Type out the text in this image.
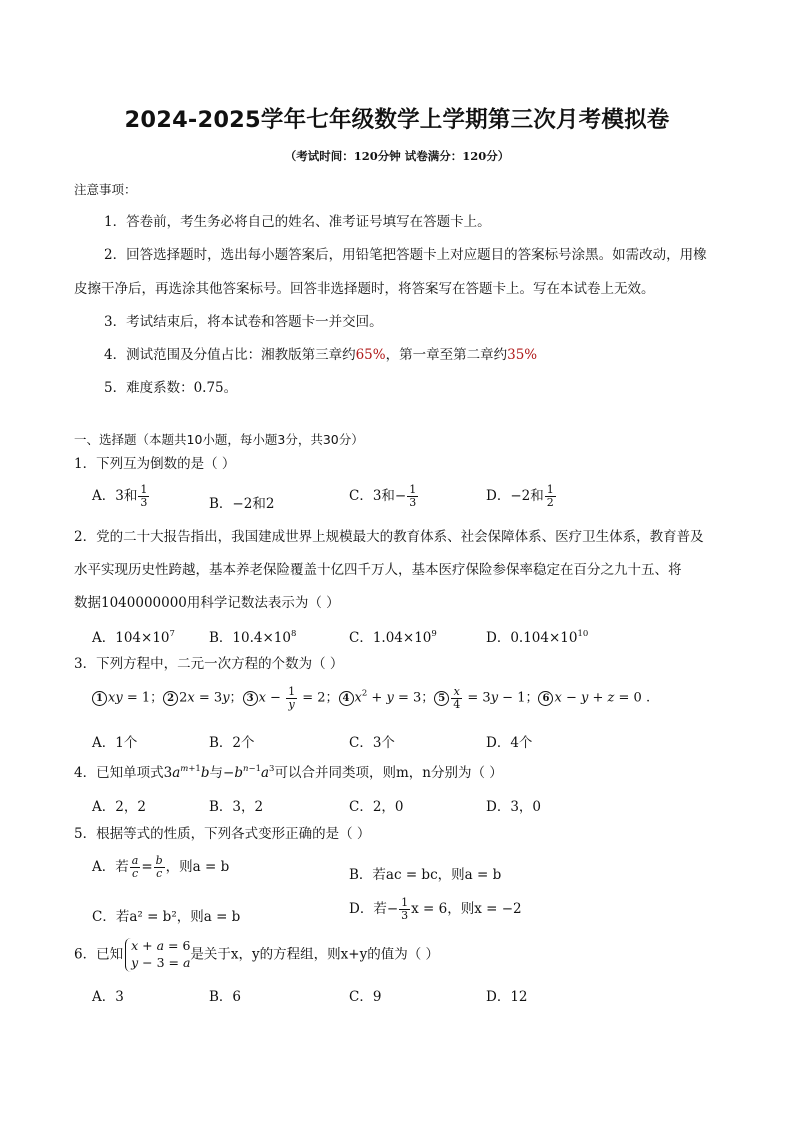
2024-2025学年七年级数学上学期第三次月考模拟卷
（考试时间：120分钟 试卷满分：120分）
注意事项：
1．答卷前，考生务必将自己的姓名、准考证号填写在答题卡上。
2．回答选择题时，选出每小题答案后，用铅笔把答题卡上对应题目的答案标号涂黑。如需改动，用橡
皮擦干净后，再选涂其他答案标号。回答非选择题时，将答案写在答题卡上。写在本试卷上无效。
3．考试结束后，将本试卷和答题卡一并交回。
4．测试范围及分值占比：湘教版第三章约65%，第一章至第二章约35%
5．难度系数：0.75。
一、选择题（本题共10小题，每小题3分，共30分）
1．下列互为倒数的是（ ）
A．3和 $\frac{1}{3}$	B．−2和2	C．3和− $\frac{1}{3}$	D．−2和 $\frac{1}{2}$
2．党的二十大报告指出，我国建成世界上规模最大的教育体系、社会保障体系、医疗卫生体系，教育普及
水平实现历史性跨越，基本养老保险覆盖十亿四千万人，基本医疗保险参保率稳定在百分之九十五、将
数据1040000000用科学记数法表示为（ ）
A．$104\times 10^7$	B．$10.4\times 10^8$	C．$1.04\times 10^9$	D．$0.104\times 10^{10}$
3．下列方程中，二元一次方程的个数为（ ）
1 xy = 1； 2 2x = 3y； 3 $x - \frac{1}{y} = 2$； 4 $x^2 + y = 3$； $5 \frac{x}{4} = 3y - 1$； 6 x − y + z = 0 .
A．1个	B．2个	C．3个	D．4个
4．已知单项式$3a^{m+1}b$与$-b^{n-1}a^3$可以合并同类项，则m，n分别为（ ）
A．2，2	B．3，2	C．2，0	D．3，0
5．根据等式的性质，下列各式变形正确的是（ ）
A．若 $\frac{a}{c} = \frac{b}{c}$ ，则a = b	B．若ac = bc，则a = b
C．若a² = b²，则a = b	D．若− $\frac{1}{3}$ x = 6，则x = −2
6．已知x + a = 6
y − 3 = a是关于x，y的方程组，则x+y的值为（ ）
A．3	B．6	C．9	D．12
